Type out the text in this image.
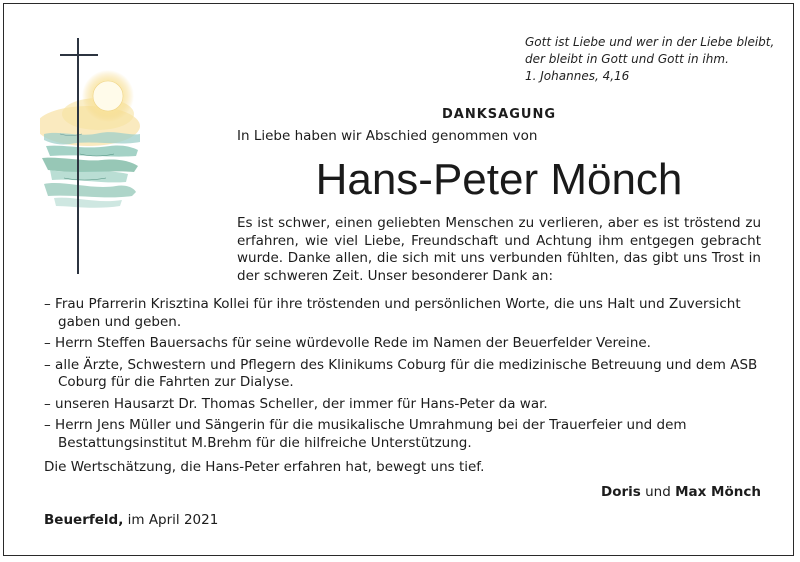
Gott ist Liebe und wer in der Liebe bleibt,
der bleibt in Gott und Gott in ihm.
1. Johannes, 4,16
DANKSAGUNG
In Liebe haben wir Abschied genommen von
Hans-Peter Mönch
Es ist schwer, einen geliebten Menschen zu verlieren, aber es ist tröstend zu erfahren, wie viel Liebe, Freundschaft und Achtung ihm entgegen gebracht wurde. Danke allen, die sich mit uns verbunden fühlten, das gibt uns Trost in der schweren Zeit. Unser besonderer Dank an:
– Frau Pfarrerin Krisztina Kollei für ihre tröstenden und persönlichen Worte, die uns Halt und Zuversicht gaben und geben.
– Herrn Steffen Bauersachs für seine würdevolle Rede im Namen der Beuerfelder Vereine.
– alle Ärzte, Schwestern und Pflegern des Klinikums Coburg für die medizinische Betreuung und dem ASB Coburg für die Fahrten zur Dialyse.
– unseren Hausarzt Dr. Thomas Scheller, der immer für Hans-Peter da war.
– Herrn Jens Müller und Sängerin für die musikalische Umrahmung bei der Trauerfeier und dem Bestattungsinstitut M.Brehm für die hilfreiche Unterstützung.
Die Wertschätzung, die Hans-Peter erfahren hat, bewegt uns tief.
Doris und Max Mönch
Beuerfeld, im April 2021
